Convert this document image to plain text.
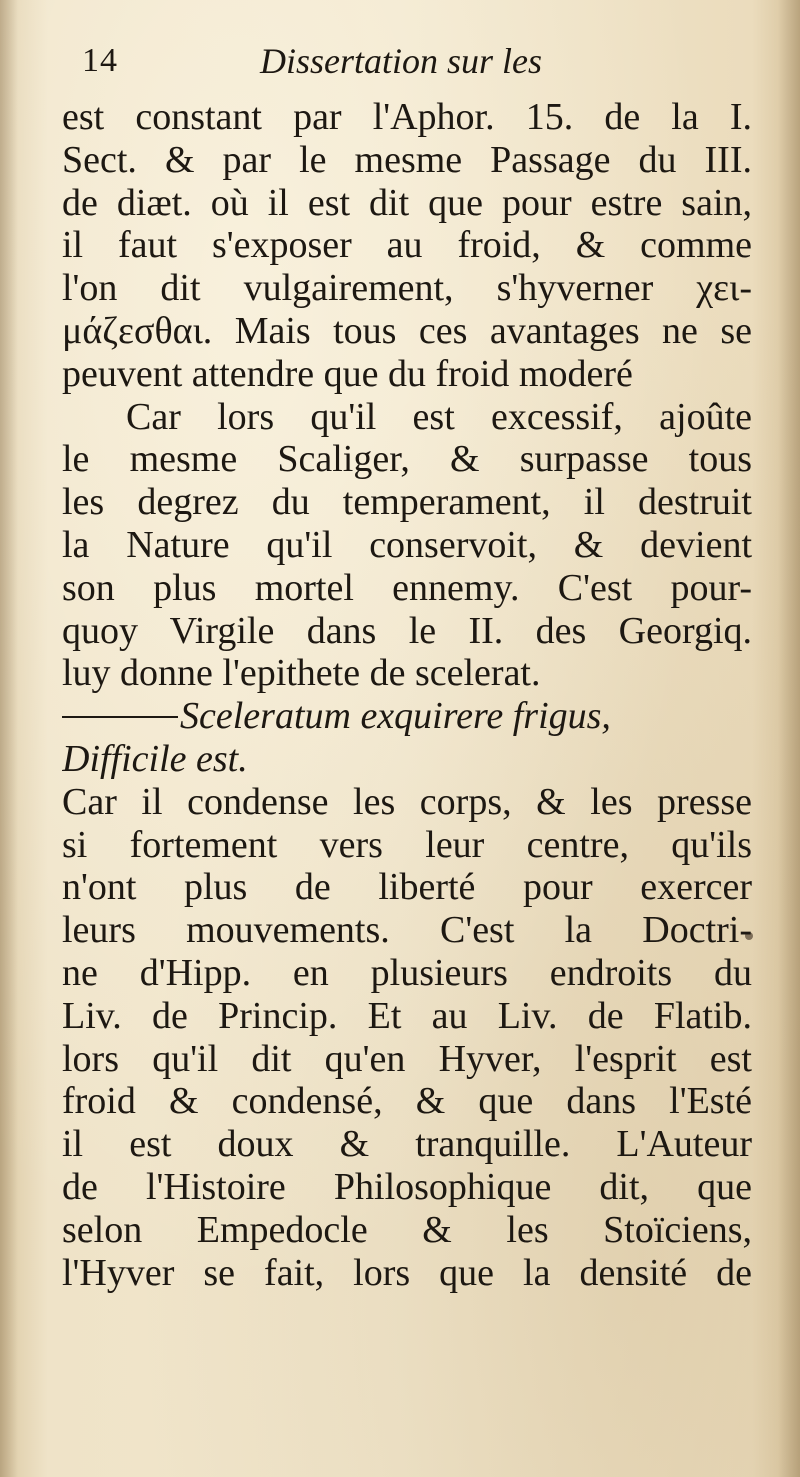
14	Dissertation sur les
est constant par l'Aphor. 15. de la I.
Sect. & par le mesme Passage du III.
de diæt. où il est dit que pour estre sain,
il faut s'exposer au froid, & comme
l'on dit vulgairement, s'hyverner χει-
μάζεσθαι. Mais tous ces avantages ne se
peuvent attendre que du froid moderé
Car lors qu'il est excessif, ajoûte
le mesme Scaliger, & surpasse tous
les degrez du temperament, il destruit
la Nature qu'il conservoit, & devient
son plus mortel ennemy. C'est pour-
quoy Virgile dans le II. des Georgiq.
luy donne l'epithete de scelerat.
Sceleratum exquirere frigus,
Difficile est.
Car il condense les corps, & les presse
si fortement vers leur centre, qu'ils
n'ont plus de liberté pour exercer
leurs mouvements. C'est la Doctri-
ne d'Hipp. en plusieurs endroits du
Liv. de Princip. Et au Liv. de Flatib.
lors qu'il dit qu'en Hyver, l'esprit est
froid & condensé, & que dans l'Esté
il est doux & tranquille. L'Auteur
de l'Histoire Philosophique dit, que
selon Empedocle & les Stoïciens,
l'Hyver se fait, lors que la densité de
